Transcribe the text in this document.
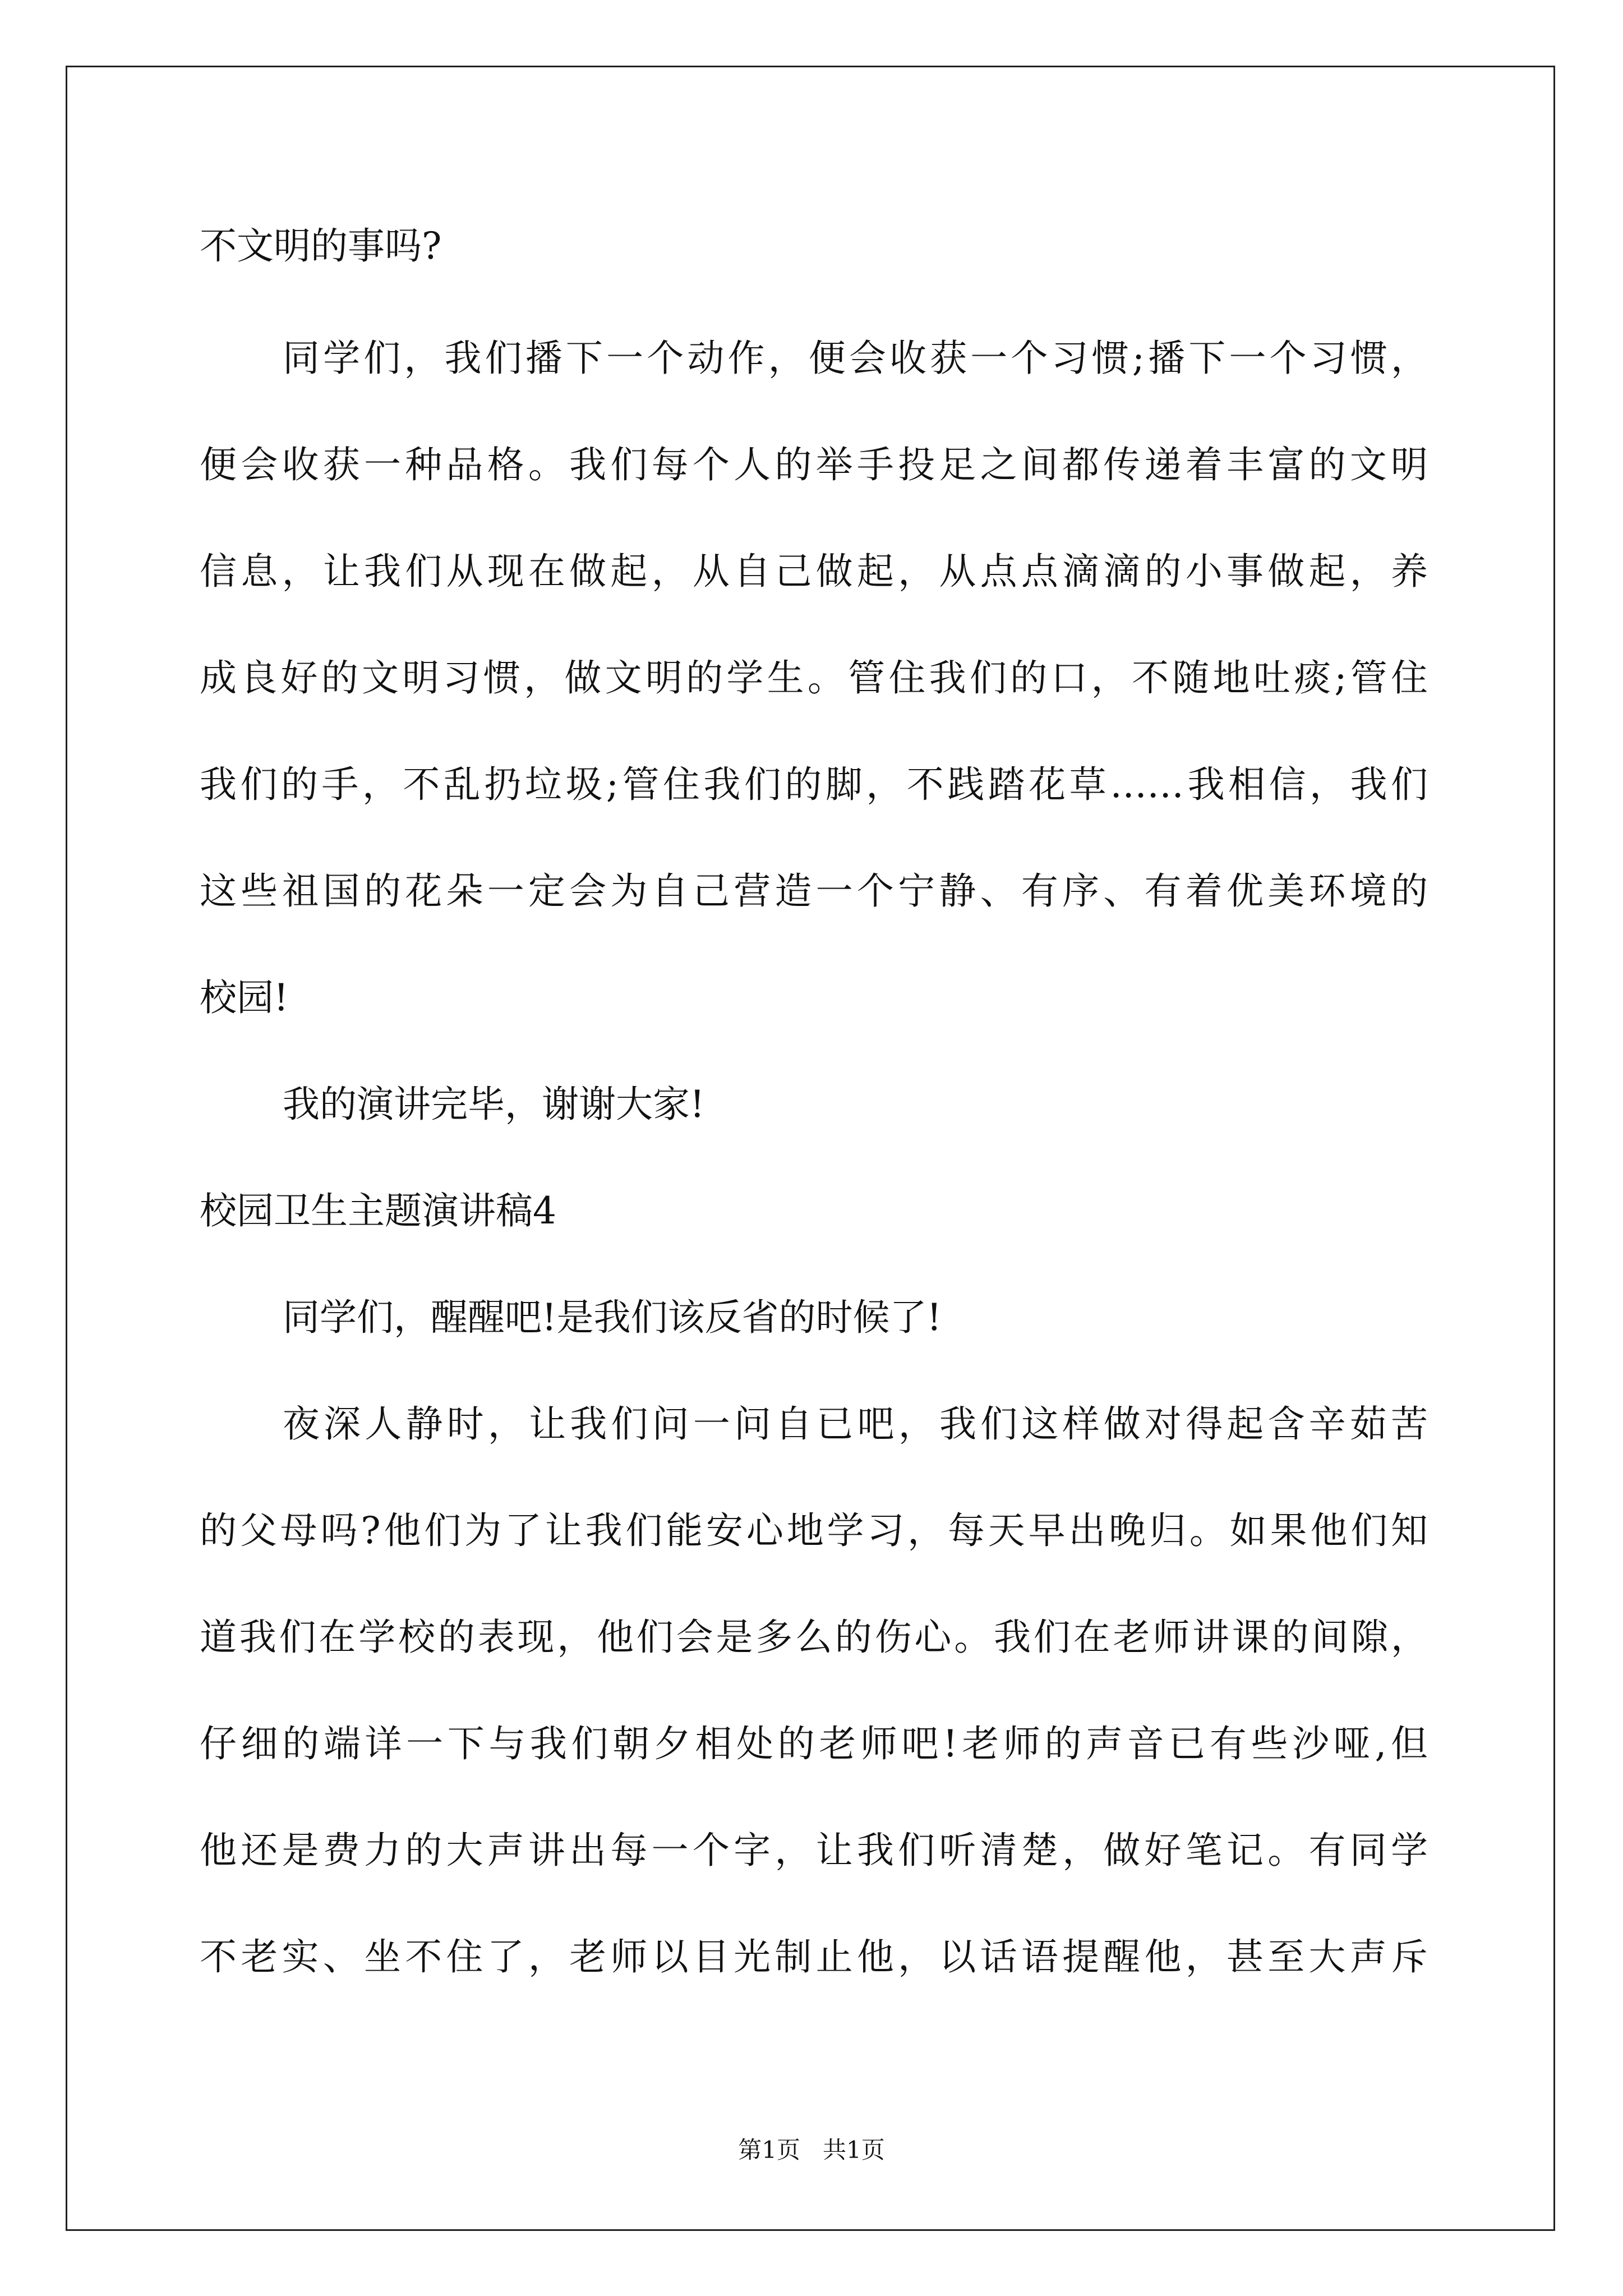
不文明的事吗?
同学们，我们播下一个动作，便会收获一个习惯;播下一个习惯，
便会收获一种品格。我们每个人的举手投足之间都传递着丰富的文明
信息，让我们从现在做起，从自己做起，从点点滴滴的小事做起，养
成良好的文明习惯，做文明的学生。管住我们的口，不随地吐痰;管住
我们的手，不乱扔垃圾;管住我们的脚，不践踏花草……我相信，我们
这些祖国的花朵一定会为自己营造一个宁静、有序、有着优美环境的
校园!
我的演讲完毕，谢谢大家!
校园卫生主题演讲稿4
同学们，醒醒吧!是我们该反省的时候了!
夜深人静时，让我们问一问自已吧，我们这样做对得起含辛茹苦
的父母吗?他们为了让我们能安心地学习，每天早出晚归。如果他们知
道我们在学校的表现，他们会是多么的伤心。我们在老师讲课的间隙，
仔细的端详一下与我们朝夕相处的老师吧!老师的声音已有些沙哑,但
他还是费力的大声讲出每一个字，让我们听清楚，做好笔记。有同学
不老实、坐不住了，老师以目光制止他，以话语提醒他，甚至大声斥
第1页   共1页
